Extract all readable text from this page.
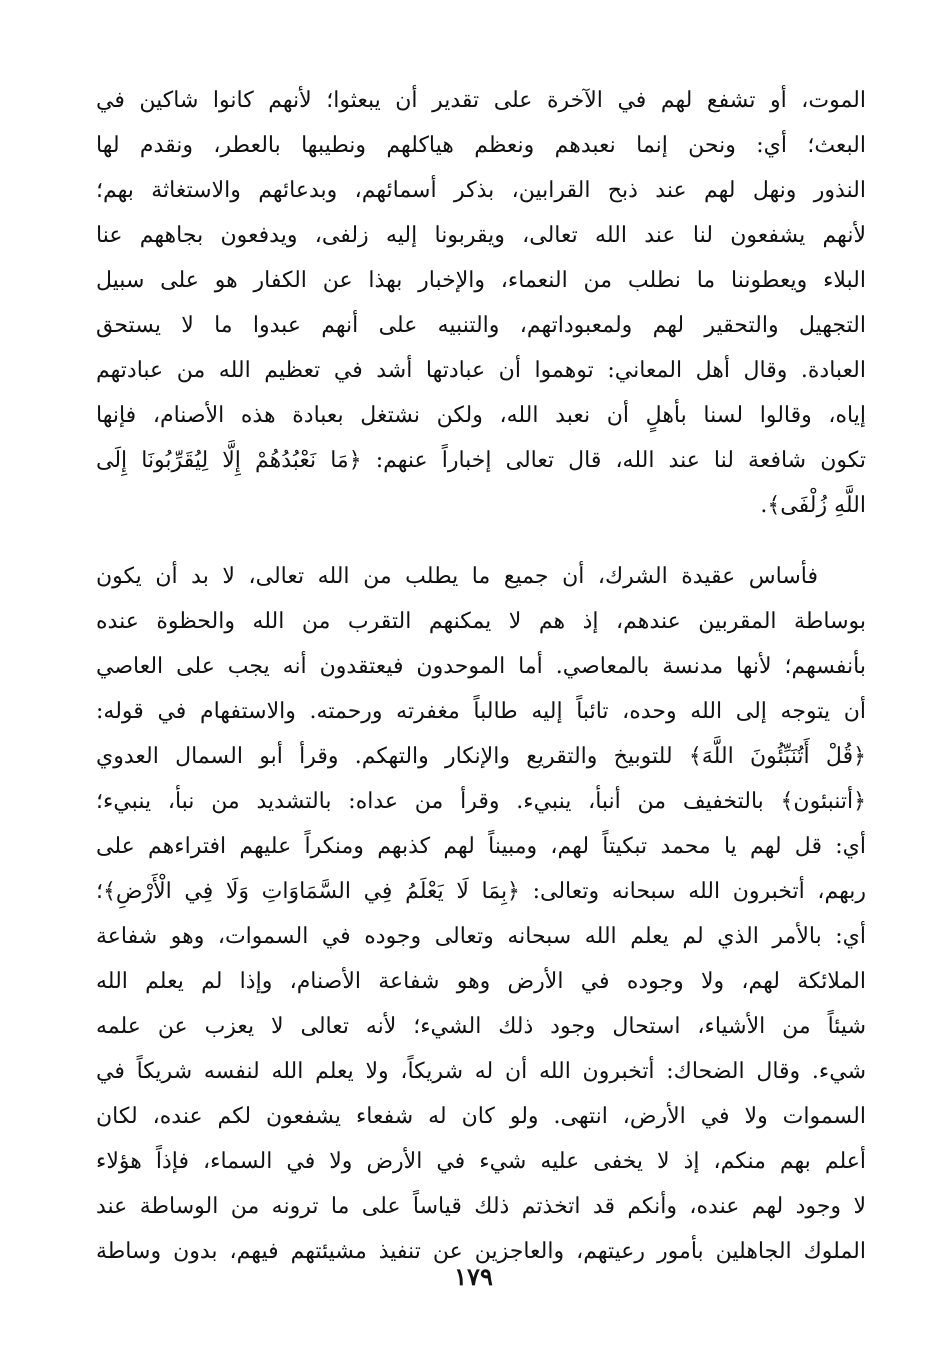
الموت، أو تشفع لهم في الآخرة على تقدير أن يبعثوا؛ لأنهم كانوا شاكين في
البعث؛ أي: ونحن إنما نعبدهم ونعظم هياكلهم ونطيبها بالعطر، ونقدم لها
النذور ونهل لهم عند ذبح القرابين، بذكر أسمائهم، وبدعائهم والاستغاثة بهم؛
لأنهم يشفعون لنا عند الله تعالى، ويقربونا إليه زلفى، ويدفعون بجاههم عنا
البلاء ويعطوننا ما نطلب من النعماء، والإخبار بهذا عن الكفار هو على سبيل
التجهيل والتحقير لهم ولمعبوداتهم، والتنبيه على أنهم عبدوا ما لا يستحق
العبادة. وقال أهل المعاني: توهموا أن عبادتها أشد في تعظيم الله من عبادتهم
إياه، وقالوا لسنا بأهلٍ أن نعبد الله، ولكن نشتغل بعبادة هذه الأصنام، فإنها
تكون شافعة لنا عند الله، قال تعالى إخباراً عنهم: ﴿مَا نَعْبُدُهُمْ إِلَّا لِيُقَرِّبُونَا إِلَى
اللَّهِ زُلْفَى﴾.
فأساس عقيدة الشرك، أن جميع ما يطلب من الله تعالى، لا بد أن يكون
بوساطة المقربين عندهم، إذ هم لا يمكنهم التقرب من الله والحظوة عنده
بأنفسهم؛ لأنها مدنسة بالمعاصي. أما الموحدون فيعتقدون أنه يجب على العاصي
أن يتوجه إلى الله وحده، تائباً إليه طالباً مغفرته ورحمته. والاستفهام في قوله:
﴿قُلْ أَتُنَبِّئُونَ اللَّهَ﴾ للتوبيخ والتقريع والإنكار والتهكم. وقرأ أبو السمال العدوي
﴿أتنبئون﴾ بالتخفيف من أنبأ، ينبيء. وقرأ من عداه: بالتشديد من نبأ، ينبيء؛
أي: قل لهم يا محمد تبكيتاً لهم، ومبيناً لهم كذبهم ومنكراً عليهم افتراءهم على
ربهم، أتخبرون الله سبحانه وتعالى: ﴿بِمَا لَا يَعْلَمُ فِي السَّمَاوَاتِ وَلَا فِي الْأَرْضِ﴾؛
أي: بالأمر الذي لم يعلم الله سبحانه وتعالى وجوده في السموات، وهو شفاعة
الملائكة لهم، ولا وجوده في الأرض وهو شفاعة الأصنام، وإذا لم يعلم الله
شيئاً من الأشياء، استحال وجود ذلك الشيء؛ لأنه تعالى لا يعزب عن علمه
شيء. وقال الضحاك: أتخبرون الله أن له شريكاً، ولا يعلم الله لنفسه شريكاً في
السموات ولا في الأرض، انتهى. ولو كان له شفعاء يشفعون لكم عنده، لكان
أعلم بهم منكم، إذ لا يخفى عليه شيء في الأرض ولا في السماء، فإذاً هؤلاء
لا وجود لهم عنده، وأنكم قد اتخذتم ذلك قياساً على ما ترونه من الوساطة عند
الملوك الجاهلين بأمور رعيتهم، والعاجزين عن تنفيذ مشيئتهم فيهم، بدون وساطة
١٧٩
